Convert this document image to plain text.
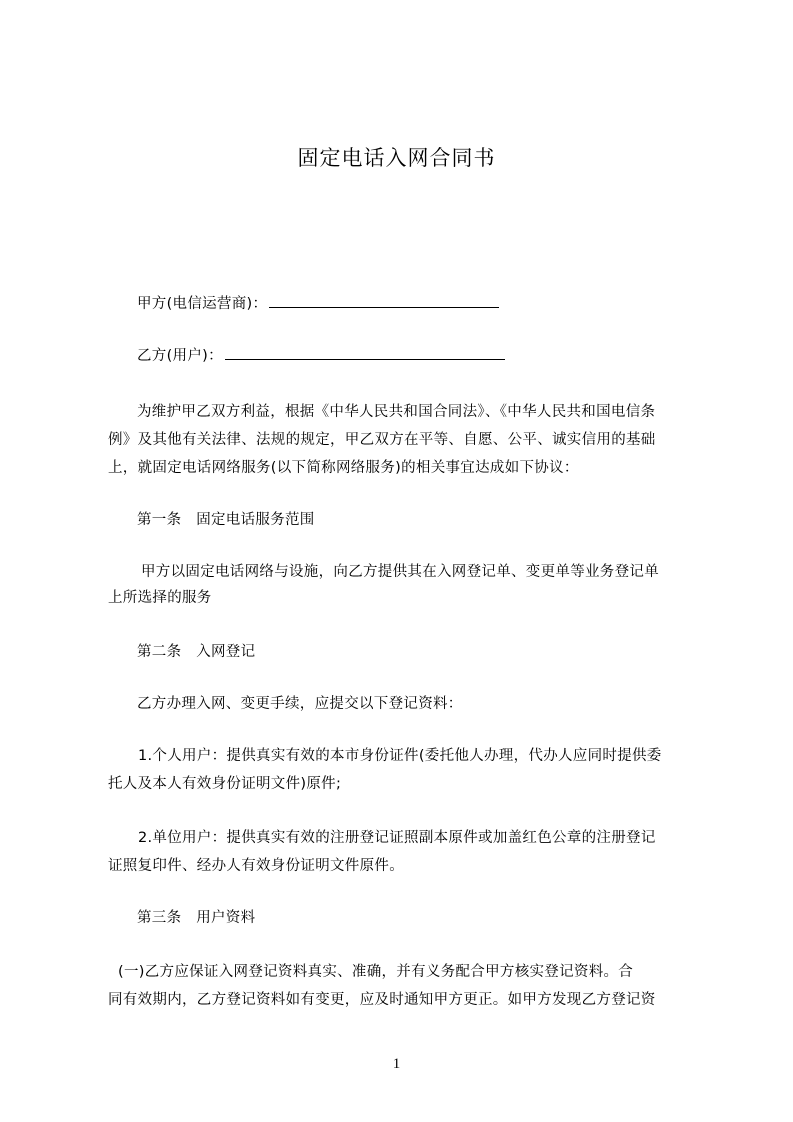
固定电话入网合同书
甲方(电信运营商)：
乙方(用户)：
为维护甲乙双方利益，根据《中华人民共和国合同法》、《中华人民共和国电信条
例》及其他有关法律、法规的规定，甲乙双方在平等、自愿、公平、诚实信用的基础
上，就固定电话网络服务(以下简称网络服务)的相关事宜达成如下协议：
第一条　固定电话服务范围
甲方以固定电话网络与设施，向乙方提供其在入网登记单、变更单等业务登记单
上所选择的服务
第二条　入网登记
乙方办理入网、变更手续，应提交以下登记资料：
1.个人用户：提供真实有效的本市身份证件(委托他人办理，代办人应同时提供委
托人及本人有效身份证明文件)原件;
2.单位用户：提供真实有效的注册登记证照副本原件或加盖红色公章的注册登记
证照复印件、经办人有效身份证明文件原件。
第三条　用户资料
(一)乙方应保证入网登记资料真实、准确，并有义务配合甲方核实登记资料。合
同有效期内，乙方登记资料如有变更，应及时通知甲方更正。如甲方发现乙方登记资
1
